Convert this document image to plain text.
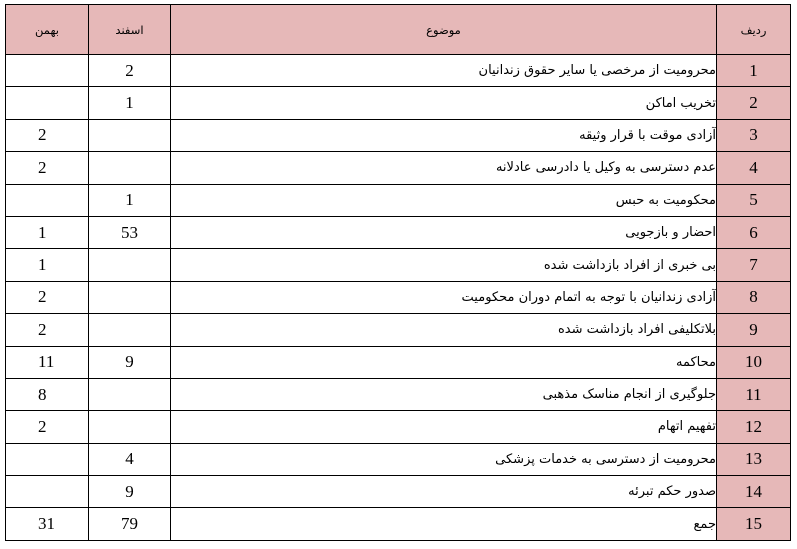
بهمن	اسفند	موضوع	ردیف
	2	محرومیت از مرخصی یا سایر حقوق زندانیان	1
	1	تخریب اماکن	2
2		آزادی موقت با قرار وثیقه	3
2		عدم دسترسی به وکیل یا دادرسی عادلانه	4
	1	محکومیت به حبس	5
1	53	احضار و بازجویی	6
1		بی خبری از افراد بازداشت شده	7
2		آزادی زندانیان با توجه به اتمام دوران محکومیت	8
2		بلاتکلیفی افراد بازداشت شده	9
11	9	محاکمه	10
8		جلوگیری از انجام مناسک مذهبی	11
2		تفهیم اتهام	12
	4	محرومیت از دسترسی به خدمات پزشکی	13
	9	صدور حکم تبرئه	14
31	79	جمع	15
